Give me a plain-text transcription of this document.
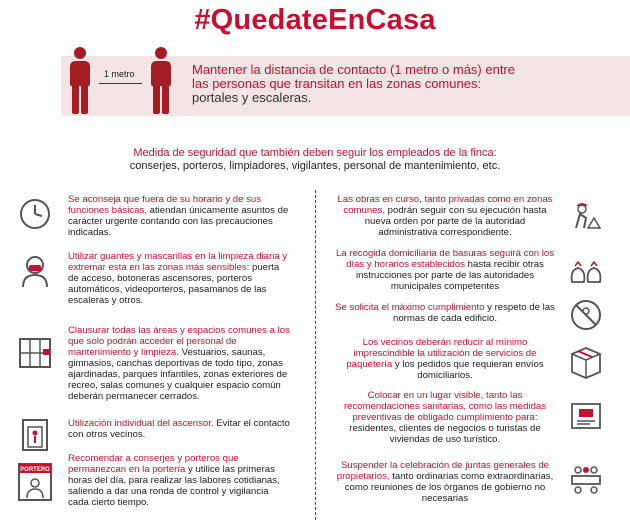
#QuedateEnCasa
1 metro	Mantener la distancia de contacto (1 metro o más) entre
las personas que transitan en las zonas comunes:
portales y escaleras.
Medida de seguridad que también deben seguir los empleados de la finca:
conserjes, porteros, limpiadores, vigilantes, personal de mantenimiento, etc.
Se aconseja que fuera de su horario y de sus funciones básicas, atiendan únicamente asuntos de carácter urgente contando con las precauciones indicadas.
Utilizar guantes y mascarillas en la limpieza diaria y extremar esta en las zonas más sensibles: puerta de acceso, botoneras ascensores, porteros automáticos, videoporteros, pasamanos de las escaleras y otros.
Clausurar todas las áreas y espacios comunes a los que solo podrán acceder el personal de mantenimiento y limpieza. Vestuarios, saunas, gimnasios, canchas deportivas de todo tipo, zonas ajardinadas, parques infantiles, zonas exteriores de recreo, salas comunes y cualquier espacio común deberán permanecer cerrados.
Utilización individual del ascensor. Evitar el contacto con otros vecinos.
PORTERO
Recomendar a conserjes y porteros que permanezcan en la portería y utilice las primeras horas del día, para realizar las labores cotidianas, saliendo a dar una ronda de control y vigilancia cada cierto tiempo.
Las obras en curso, tanto privadas como en zonas comunes, podrán seguir con su ejecución hasta nueva orden por parte de la autoridad administrativa correspondiente.
La recogida domiciliaria de basuras seguirá con los días y horarios establecidos hasta recibir otras instrucciones por parte de las autoridades municipales competentes
Se solicita el máximo cumplimiento y respeto de las normas de cada edificio.
Los vecinos deberán reducir al mínimo imprescindible la utilización de servicios de paquetería y los pedidos que requieran envíos domiciliarios.
Colocar en un lugar visible, tanto las recomendaciones sanitarias, como las medidas preventivas de obligado cumplimiento para: residentes, clientes de negocios o turistas de viviendas de uso turístico.
Suspender la celebración de juntas generales de propietarios, tanto ordinarias como extraordinarias, como reuniones de los órganos de gobierno no necesarias
